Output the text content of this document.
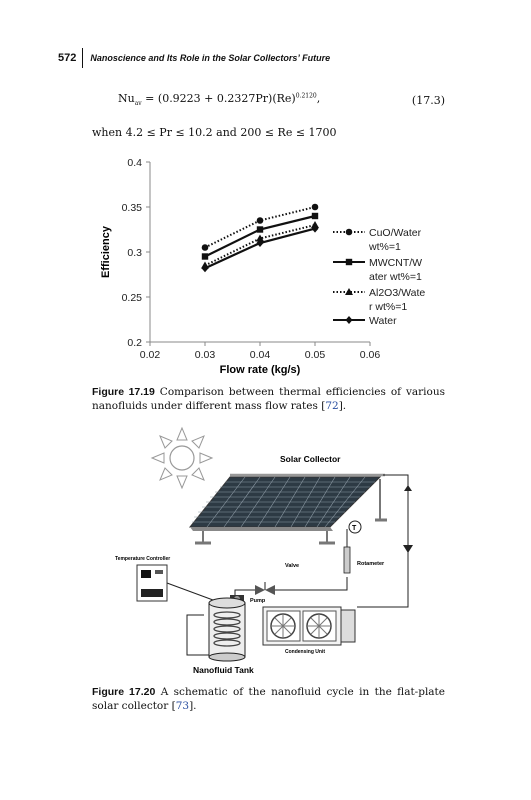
572	Nanoscience and Its Role in the Solar Collectors’ Future
$Nu_{av} = (0.9223 + 0.2327Pr)(Re)^{0.2120}$,	(17.3)
when 4.2 ≤ Pr ≤ 10.2 and 200 ≤ Re ≤ 1700
0.2
0.25
0.3
0.35
0.4
0.02	0.03	0.04	0.05	0.06
Flow rate (kg/s)
Efficiency	CuO/Water
wt%=1
MWCNT/W
ater wt%=1
Al2O3/Wate
r wt%=1
Water
Figure 17.19 Comparison between thermal efficiencies of various nanofluids under different mass flow rates [72].
Solar Collector
T
Rotameter
Valve
Pump
Temperature Controller
Nanofluid Tank
Condensing Unit
Figure 17.20 A schematic of the nanofluid cycle in the flat-plate solar collector [73].
